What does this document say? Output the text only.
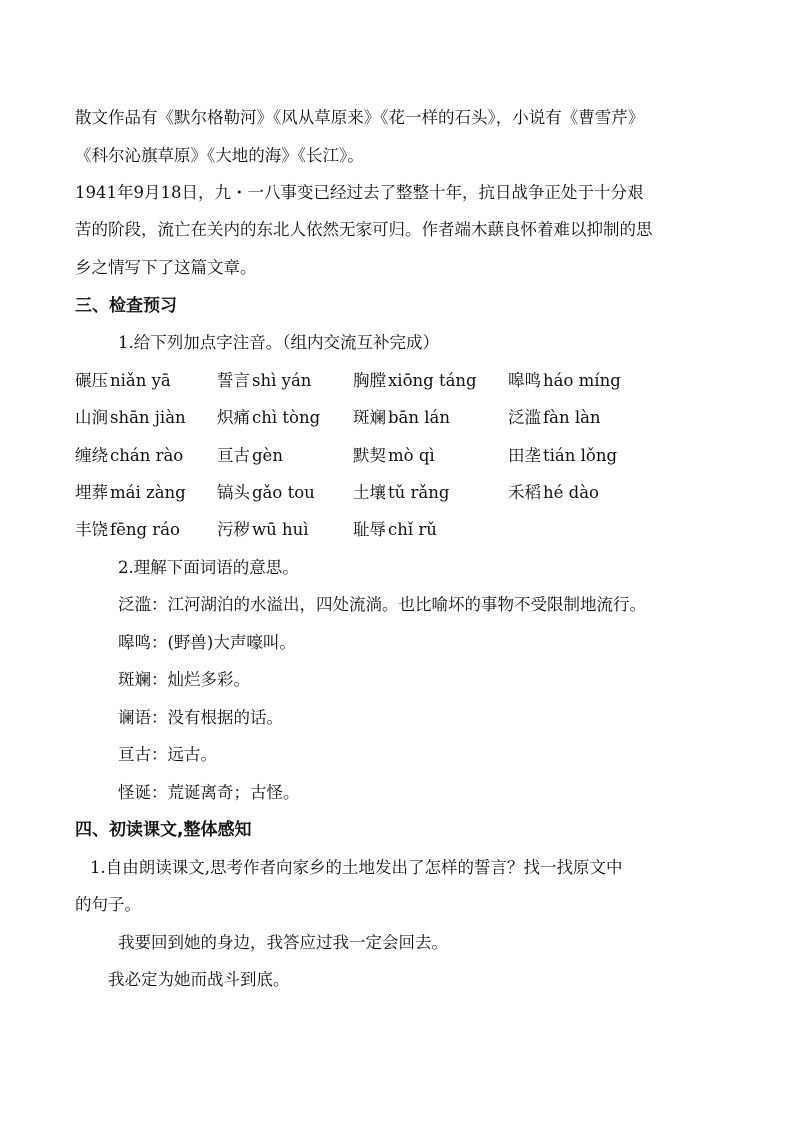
散文作品有《默尔格勒河》《风从草原来》《花一样的石头》，小说有《曹雪芹》
《科尔沁旗草原》《大地的海》《长江》。
1941年9月18日，九・一八事变已经过去了整整十年，抗日战争正处于十分艰
苦的阶段，流亡在关内的东北人依然无家可归。作者端木蕻良怀着难以抑制的思
乡之情写下了这篇文章。
三、检查预习
1.给下列加点字注音。（组内交流互补完成）
碾压 niǎn yā	誓言 shì yán	胸膛 xiōng táng 嗥鸣 háo míng
山涧 shān jiàn 炽痛 chì tòng 斑斓 bān lán	泛滥 fàn làn
缠绕 chán rào 亘古 gèn	默契 mò qì	田垄 tián lǒng
埋葬 mái zàng 镐头 gǎo tou 土壤 tǔ rǎng	禾稻 hé dào
丰饶 fēng ráo 污秽 wū huì	耻辱 chǐ rǔ
2.理解下面词语的意思。
泛滥：江河湖泊的水溢出，四处流淌。也比喻坏的事物不受限制地流行。
嗥鸣：(野兽)大声嚎叫。
斑斓：灿烂多彩。
谰语：没有根据的话。
亘古：远古。
怪诞：荒诞离奇；古怪。
四、初读课文,整体感知
1.自由朗读课文,思考作者向家乡的土地发出了怎样的誓言？找一找原文中
的句子。
我要回到她的身边，我答应过我一定会回去。
我必定为她而战斗到底。
